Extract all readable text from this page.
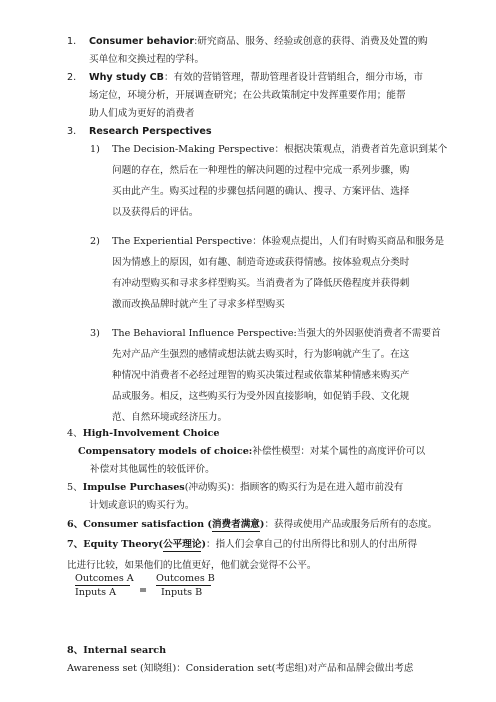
1. Consumer behavior:研究商品、服务、经验或创意的获得、消费及处置的购
买单位和交换过程的学科。
2. Why study CB：有效的营销管理，帮助管理者设计营销组合，细分市场，市
场定位，环境分析，开展调查研究；在公共政策制定中发挥重要作用；能帮
助人们成为更好的消费者
3. Research Perspectives
1) The Decision-Making Perspective：根据决策观点，消费者首先意识到某个
问题的存在，然后在一种理性的解决问题的过程中完成一系列步骤，购
买由此产生。购买过程的步骤包括问题的确认、搜寻、方案评估、选择
以及获得后的评估。
2) The Experiential Perspective：体验观点提出，人们有时购买商品和服务是
因为情感上的原因，如有趣、制造奇迹或获得情感。按体验观点分类时
有冲动型购买和寻求多样型购买。当消费者为了降低厌倦程度并获得刺
激而改换品牌时就产生了寻求多样型购买
3) The Behavioral Influence Perspective:当强大的外因驱使消费者不需要首
先对产品产生强烈的感情或想法就去购买时，行为影响就产生了。在这
种情况中消费者不必经过理智的购买决策过程或依靠某种情感来购买产
品或服务。相反，这些购买行为受外因直接影响，如促销手段、文化规
范、自然环境或经济压力。
4、High-Involvement Choice
Compensatory models of choice:补偿性模型：对某个属性的高度评价可以
补偿对其他属性的较低评价。
5、Impulse Purchases(冲动购买)：指顾客的购买行为是在进入超市前没有
计划或意识的购买行为。
6、Consumer satisfaction (消费者满意)：获得或使用产品或服务后所有的态度。
7、Equity Theory(公平理论)：指人们会拿自己的付出所得比和别人的付出所得
比进行比较，如果他们的比值更好，他们就会觉得不公平。
Outcomes A Outcomes B
Inputs A = Inputs B
8、Internal search
Awareness set (知晓组)：Consideration set(考虑组)对产品和品牌会做出考虑
